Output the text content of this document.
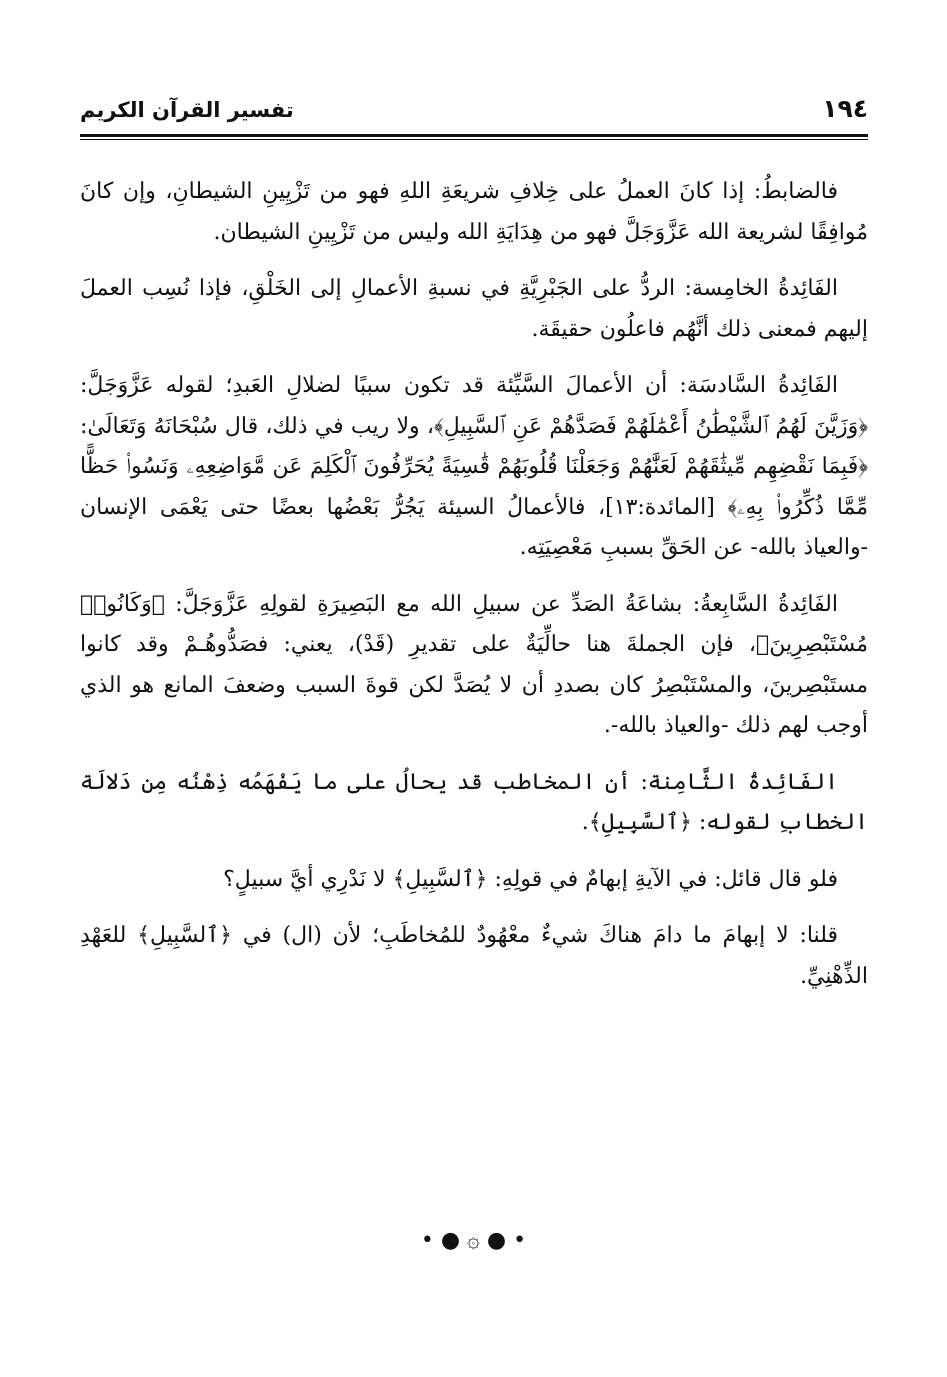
تفسير القرآن الكريم	١٩٤

فالضابطُ: إذا كانَ العملُ على خِلافِ شريعَةِ اللهِ فهو من تَزْيِينِ الشيطانِ، وإن كانَ مُوافِقًا لشريعة الله عَزَّوَجَلَّ فهو من هِدَايَةِ الله وليس من تَزْيِينِ الشيطان.

الفَائِدةُ الخامِسة: الردُّ على الجَبْرِيَّةِ في نسبةِ الأعمالِ إلى الخَلْقِ، فإذا نُسِب العملَ إليهم فمعنى ذلك أنَّهُم فاعلُون حقيقَة.

الفَائِدةُ السَّادسَة: أن الأعمالَ السَّيِّئة قد تكون سببًا لضلالِ العَبدِ؛ لقوله عَزَّوَجَلَّ: ﴿وَزَيَّنَ لَهُمُ ٱلشَّيْطَٰنُ أَعْمَٰلَهُمْ فَصَدَّهُمْ عَنِ ٱلسَّبِيلِ﴾، ولا ريب في ذلك، قال سُبْحَانَهُ وَتَعَالَىٰ: ﴿فَبِمَا نَقْضِهِم مِّيثَٰقَهُمْ لَعَنَّٰهُمْ وَجَعَلْنَا قُلُوبَهُمْ قَٰسِيَةً يُحَرِّفُونَ ٱلْكَلِمَ عَن مَّوَاضِعِهِۦ وَنَسُوا۟ حَظًّا مِّمَّا ذُكِّرُوا۟ بِهِۦ﴾ [المائدة:١٣]، فالأعمالُ السيئة يَجُرُّ بَعْضُها بعضًا حتى يَعْمَى الإنسان -والعياذ بالله- عن الحَقِّ بسببِ مَعْصِيَتِه.

الفَائِدةُ السَّابِعةُ: بشاعَةُ الصَدِّ عن سبيلِ الله مع البَصِيرَةِ لقولِهِ عَزَّوَجَلَّ: ﴿وَكَانُوا۟ مُسْتَبْصِرِينَ﴾، فإن الجملةَ هنا حالِّيَةٌ على تقديرِ (قَدْ)، يعني: فصَدُّوهُـمْ وقد كانوا مستَبْصِرينَ، والمسْتَبْصِرُ كان بصددِ أن لا يُصَدَّ لكن قوةَ السبب وضعفَ المانع هو الذي أوجب لهم ذلك -والعياذ بالله-.

الفَائِدةُ الثَّامِنة: أن المخاطب قد يحالُ على ما يَفْهَمُه ذِهْنُه مِن دَلالَة الخطابِ لقوله: ﴿ٱلسَّبِيلِ﴾.

فلو قال قائل: في الآيةِ إبهامٌ في قولِهِ: ﴿ٱلسَّبِيلِ﴾ لا نَدْرِي أيَّ سبيلٍ؟

قلنا: لا إبهامَ ما دامَ هناكَ شيءٌ معْهُودٌ للمُخاطَبِ؛ لأن (ال) في ﴿ٱلسَّبِيلِ﴾ للعَهْدِ الذِّهْنِيِّ.

• ● ۞ ● •
